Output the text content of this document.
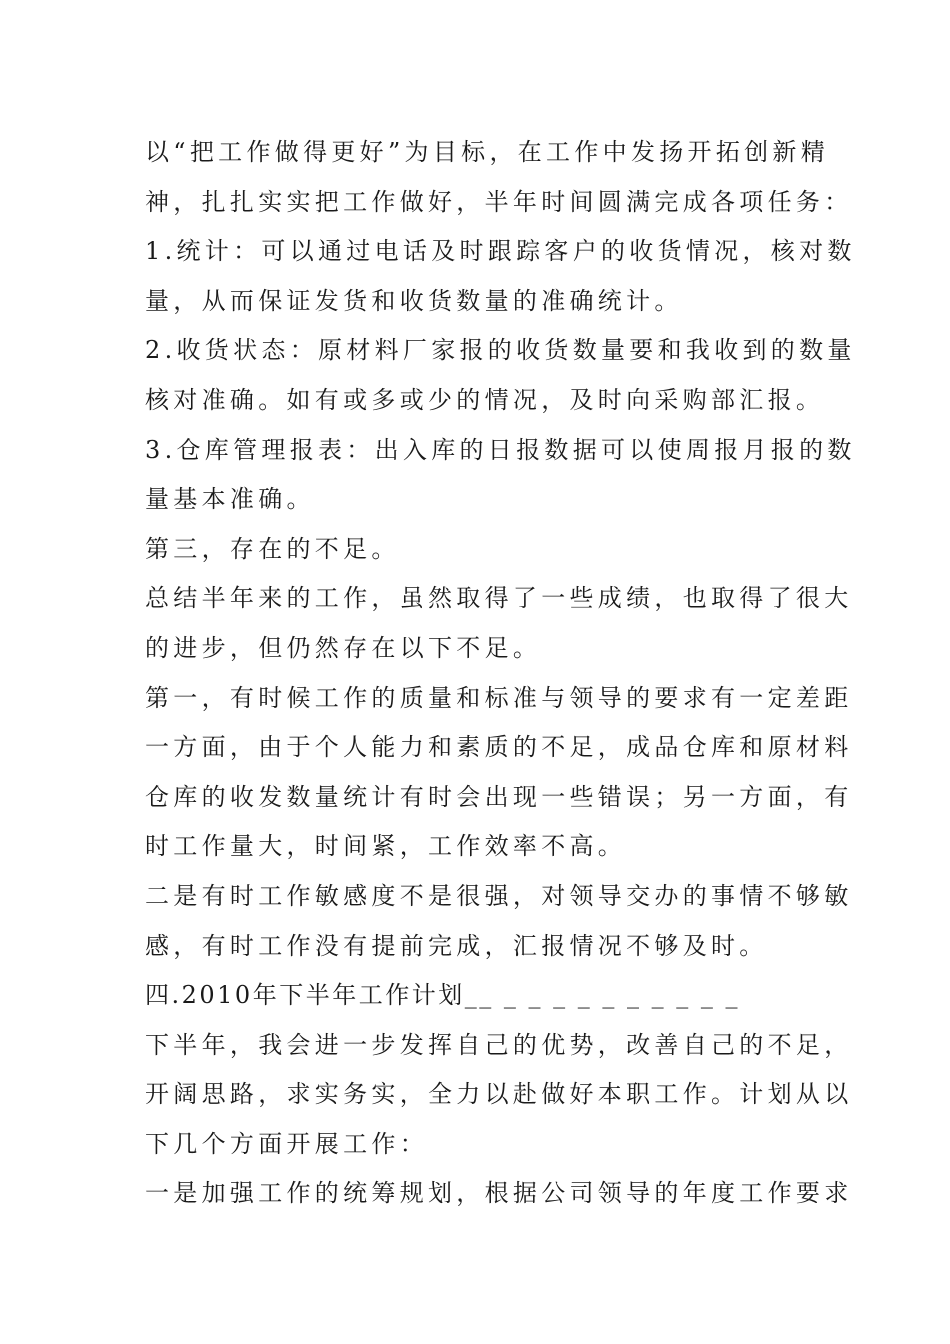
以“把工作做得更好”为目标，在工作中发扬开拓创新精
神，扎扎实实把工作做好，半年时间圆满完成各项任务：
1.统计：可以通过电话及时跟踪客户的收货情况，核对数
量，从而保证发货和收货数量的准确统计。
2.收货状态：原材料厂家报的收货数量要和我收到的数量
核对准确。如有或多或少的情况，及时向采购部汇报。
3.仓库管理报表：出入库的日报数据可以使周报月报的数
量基本准确。
第三，存在的不足。
总结半年来的工作，虽然取得了一些成绩，也取得了很大
的进步，但仍然存在以下不足。
第一，有时候工作的质量和标准与领导的要求有一定差距
一方面，由于个人能力和素质的不足，成品仓库和原材料
仓库的收发数量统计有时会出现一些错误；另一方面，有
时工作量大，时间紧，工作效率不高。
二是有时工作敏感度不是很强，对领导交办的事情不够敏
感，有时工作没有提前完成，汇报情况不够及时。
四.2010年下半年工作计划__ _ _ _ _ _ _ _ _ _ _
下半年，我会进一步发挥自己的优势，改善自己的不足，
开阔思路，求实务实，全力以赴做好本职工作。计划从以
下几个方面开展工作：
一是加强工作的统筹规划，根据公司领导的年度工作要求
